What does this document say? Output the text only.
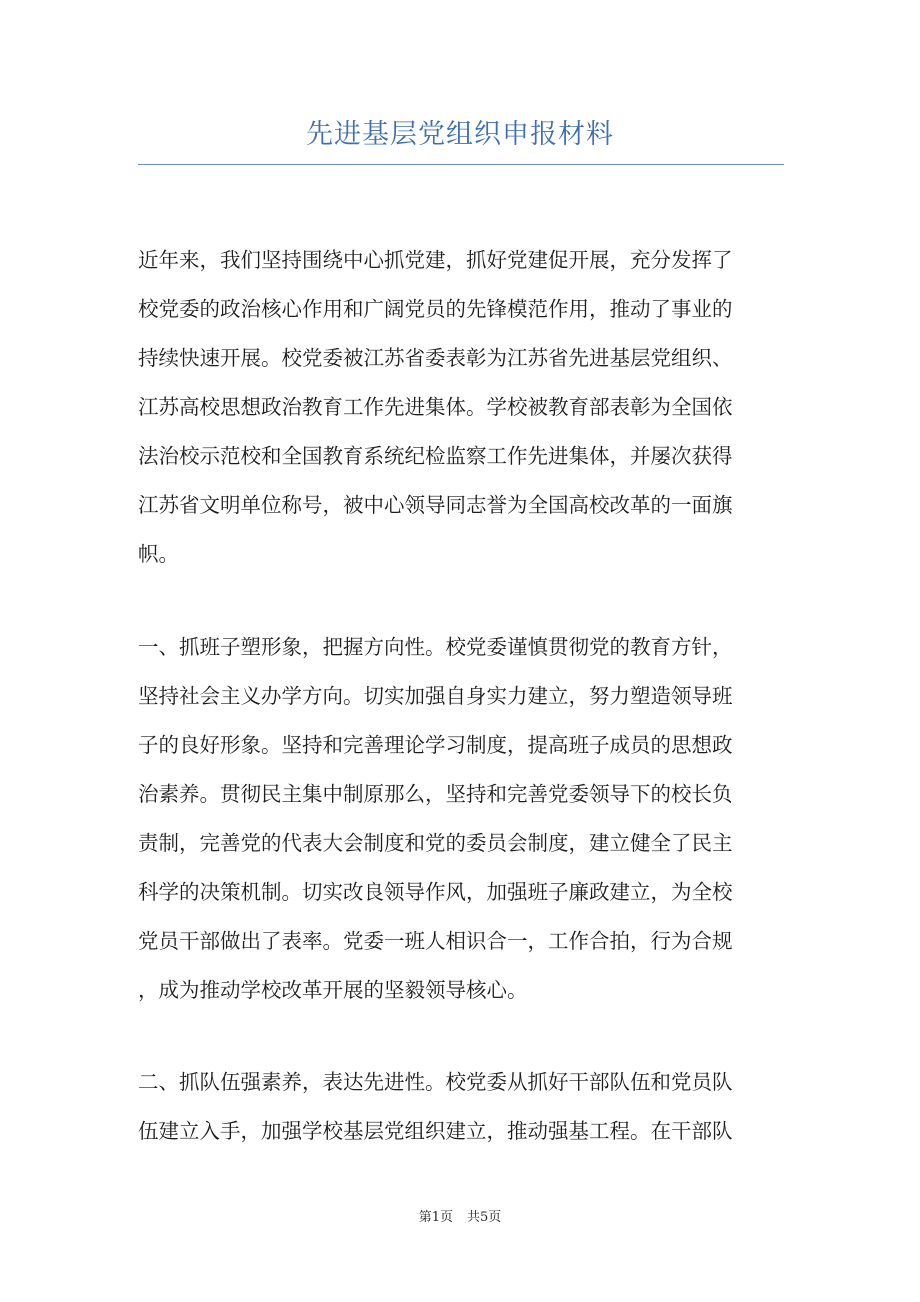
先进基层党组织申报材料
近年来，我们坚持围绕中心抓党建，抓好党建促开展，充分发挥了
校党委的政治核心作用和广阔党员的先锋模范作用，推动了事业的
持续快速开展。校党委被江苏省委表彰为江苏省先进基层党组织、
江苏高校思想政治教育工作先进集体。学校被教育部表彰为全国依
法治校示范校和全国教育系统纪检监察工作先进集体，并屡次获得
江苏省文明单位称号，被中心领导同志誉为全国高校改革的一面旗
帜。
一、抓班子塑形象，把握方向性。校党委谨慎贯彻党的教育方针，
坚持社会主义办学方向。切实加强自身实力建立，努力塑造领导班
子的良好形象。坚持和完善理论学习制度，提高班子成员的思想政
治素养。贯彻民主集中制原那么，坚持和完善党委领导下的校长负
责制，完善党的代表大会制度和党的委员会制度，建立健全了民主
科学的决策机制。切实改良领导作风，加强班子廉政建立，为全校
党员干部做出了表率。党委一班人相识合一，工作合拍，行为合规
，成为推动学校改革开展的坚毅领导核心。
二、抓队伍强素养，表达先进性。校党委从抓好干部队伍和党员队
伍建立入手，加强学校基层党组织建立，推动强基工程。在干部队
第1页 共5页
